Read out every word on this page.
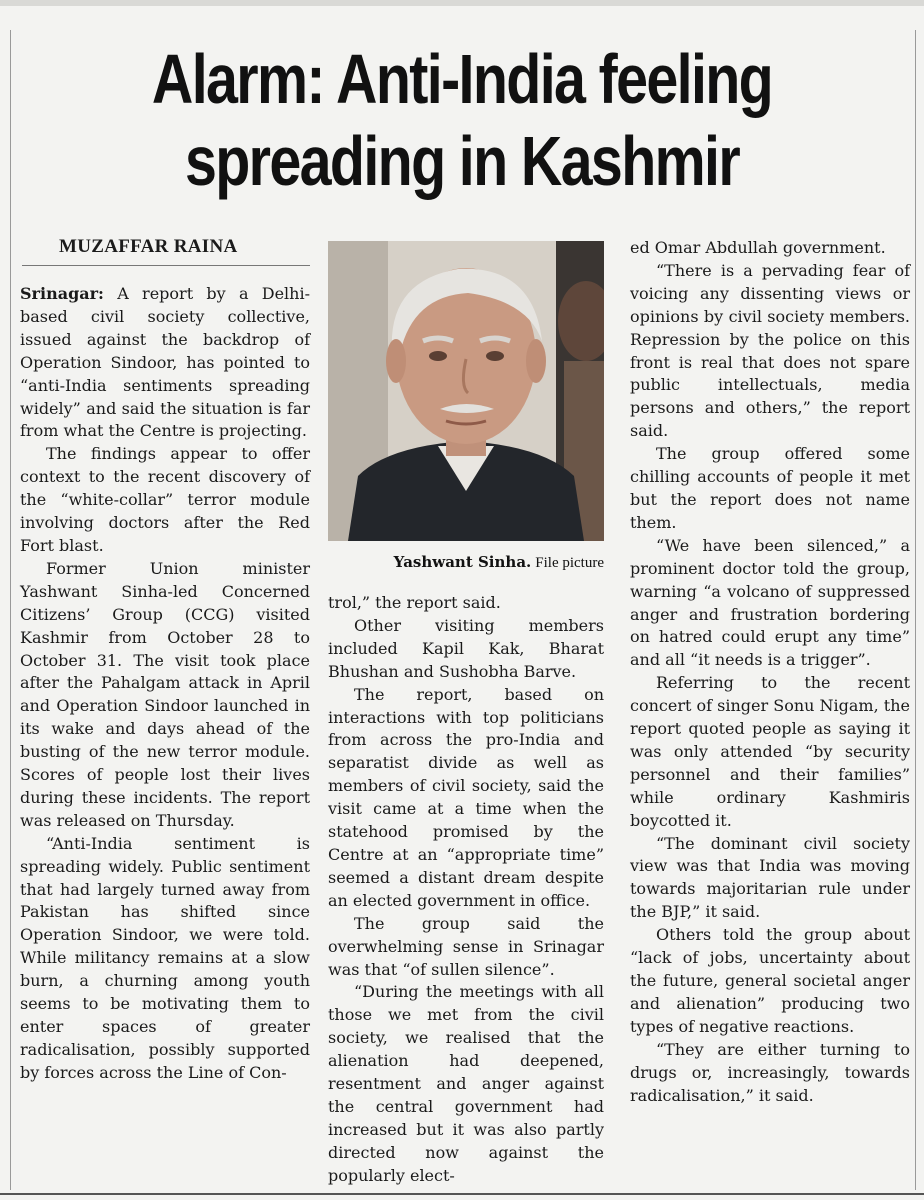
Alarm: Anti-India feeling
spreading in Kashmir
MUZAFFAR RAINA

Srinagar: A report by a Delhi-based civil society collective, issued against the backdrop of Operation Sindoor, has pointed to “anti-India sentiments spreading widely” and said the situation is far from what the Centre is projecting.

The findings appear to offer context to the recent discovery of the “white-collar” terror module involving doctors after the Red Fort blast.

Former Union minister Yashwant Sinha-led Concerned Citizens’ Group (CCG) visited Kashmir from October 28 to October 31. The visit took place after the Pahalgam attack in April and Operation Sindoor launched in its wake and days ahead of the busting of the new terror module. Scores of people lost their lives during these incidents. The report was released on Thursday.

“Anti-India sentiment is spreading widely. Public sentiment that had largely turned away from Pakistan has shifted since Operation Sindoor, we were told. While militancy remains at a slow burn, a churning among youth seems to be motivating them to enter spaces of greater radicalisation, possibly supported by forces across the Line of Con-

Yashwant Sinha. File picture

trol,” the report said.

Other visiting members included Kapil Kak, Bharat Bhushan and Sushobha Barve.

The report, based on interactions with top politicians from across the pro-India and separatist divide as well as members of civil society, said the visit came at a time when the statehood promised by the Centre at an “appropriate time” seemed a distant dream despite an elected government in office.

The group said the overwhelming sense in Srinagar was that “of sullen silence”.

“During the meetings with all those we met from the civil society, we realised that the alienation had deepened, resentment and anger against the central government had increased but it was also partly directed now against the popularly elect-

ed Omar Abdullah government.

“There is a pervading fear of voicing any dissenting views or opinions by civil society members. Repression by the police on this front is real that does not spare public intellectuals, media persons and others,” the report said.

The group offered some chilling accounts of people it met but the report does not name them.

“We have been silenced,” a prominent doctor told the group, warning “a volcano of suppressed anger and frustration bordering on hatred could erupt any time” and all “it needs is a trigger”.

Referring to the recent concert of singer Sonu Nigam, the report quoted people as saying it was only attended “by security personnel and their families” while ordinary Kashmiris boycotted it.

“The dominant civil society view was that India was moving towards majoritarian rule under the BJP,” it said.

Others told the group about “lack of jobs, uncertainty about the future, general societal anger and alienation” producing two types of negative reactions.

“They are either turning to drugs or, increasingly, towards radicalisation,” it said.
